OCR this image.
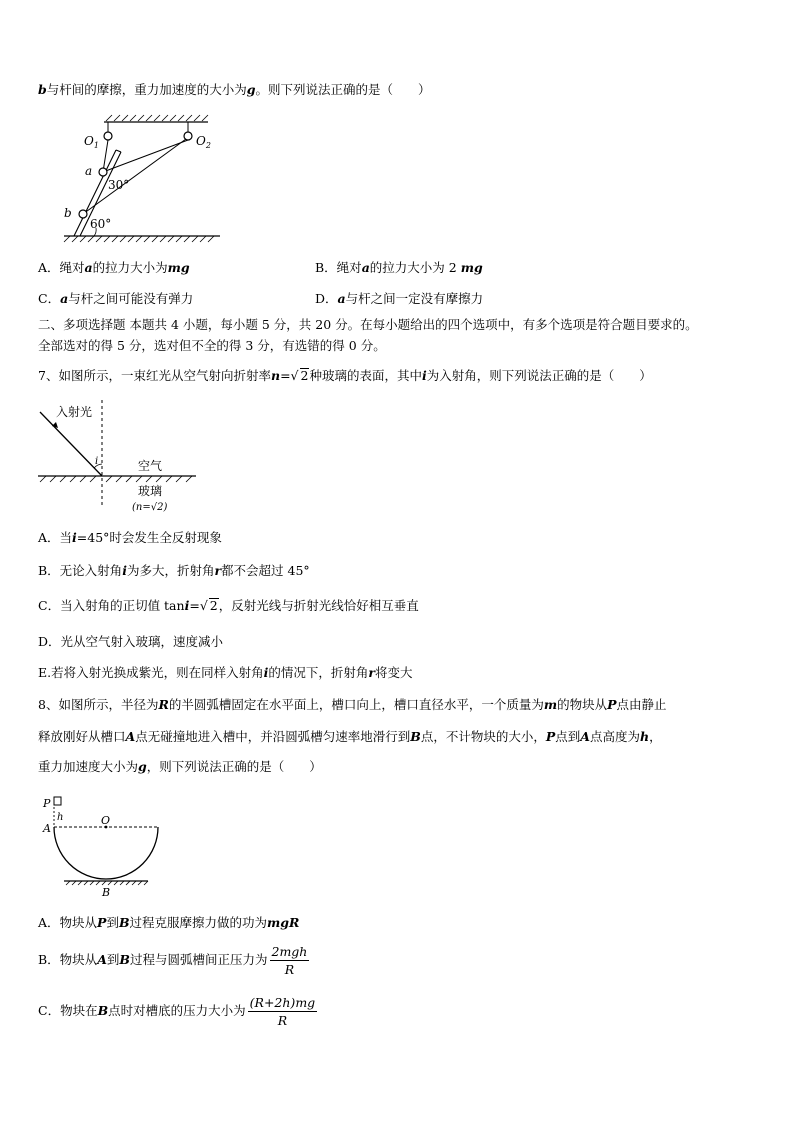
b与杆间的摩擦，重力加速度的大小为g。则下列说法正确的是（　　）
$O_1$	$O_2$
a
b
30°
60°
A．绳对a的拉力大小为mg	B．绳对a的拉力大小为 2 mg
C．a与杆之间可能没有弹力	D．a与杆之间一定没有摩擦力
二、多项选择题 本题共 4 小题，每小题 5 分，共 20 分。在每小题给出的四个选项中，有多个选项是符合题目要求的。
全部选对的得 5 分，选对但不全的得 3 分，有选错的得 0 分。
7、如图所示，一束红光从空气射向折射率n=√ 2种玻璃的表面，其中i为入射角，则下列说法正确的是（　　）
入射光
i	空气
玻璃
(n=√2)
A．当i=45°时会发生全反射现象
B．无论入射角i为多大，折射角r都不会超过 45°
C．当入射角的正切值 tani=√ 2，反射光线与折射光线恰好相互垂直
D．光从空气射入玻璃，速度减小
E.若将入射光换成紫光，则在同样入射角i的情况下，折射角r将变大
8、如图所示，半径为R的半圆弧槽固定在水平面上，槽口向上，槽口直径水平，一个质量为m的物块从P点由静止
释放刚好从槽口A点无碰撞地进入槽中，并沿圆弧槽匀速率地滑行到B点，不计物块的大小，P点到A点高度为h，
重力加速度大小为g，则下列说法正确的是（　　）
P
h
A
O
B
A．物块从P到B过程克服摩擦力做的功为mgR
B．物块从A到B过程与圆弧槽间正压力为 $\frac{\text{2mgh}}{R}$
C．物块在B点时对槽底的压力大小为 $\frac{(R+2h)mg}{R}$
